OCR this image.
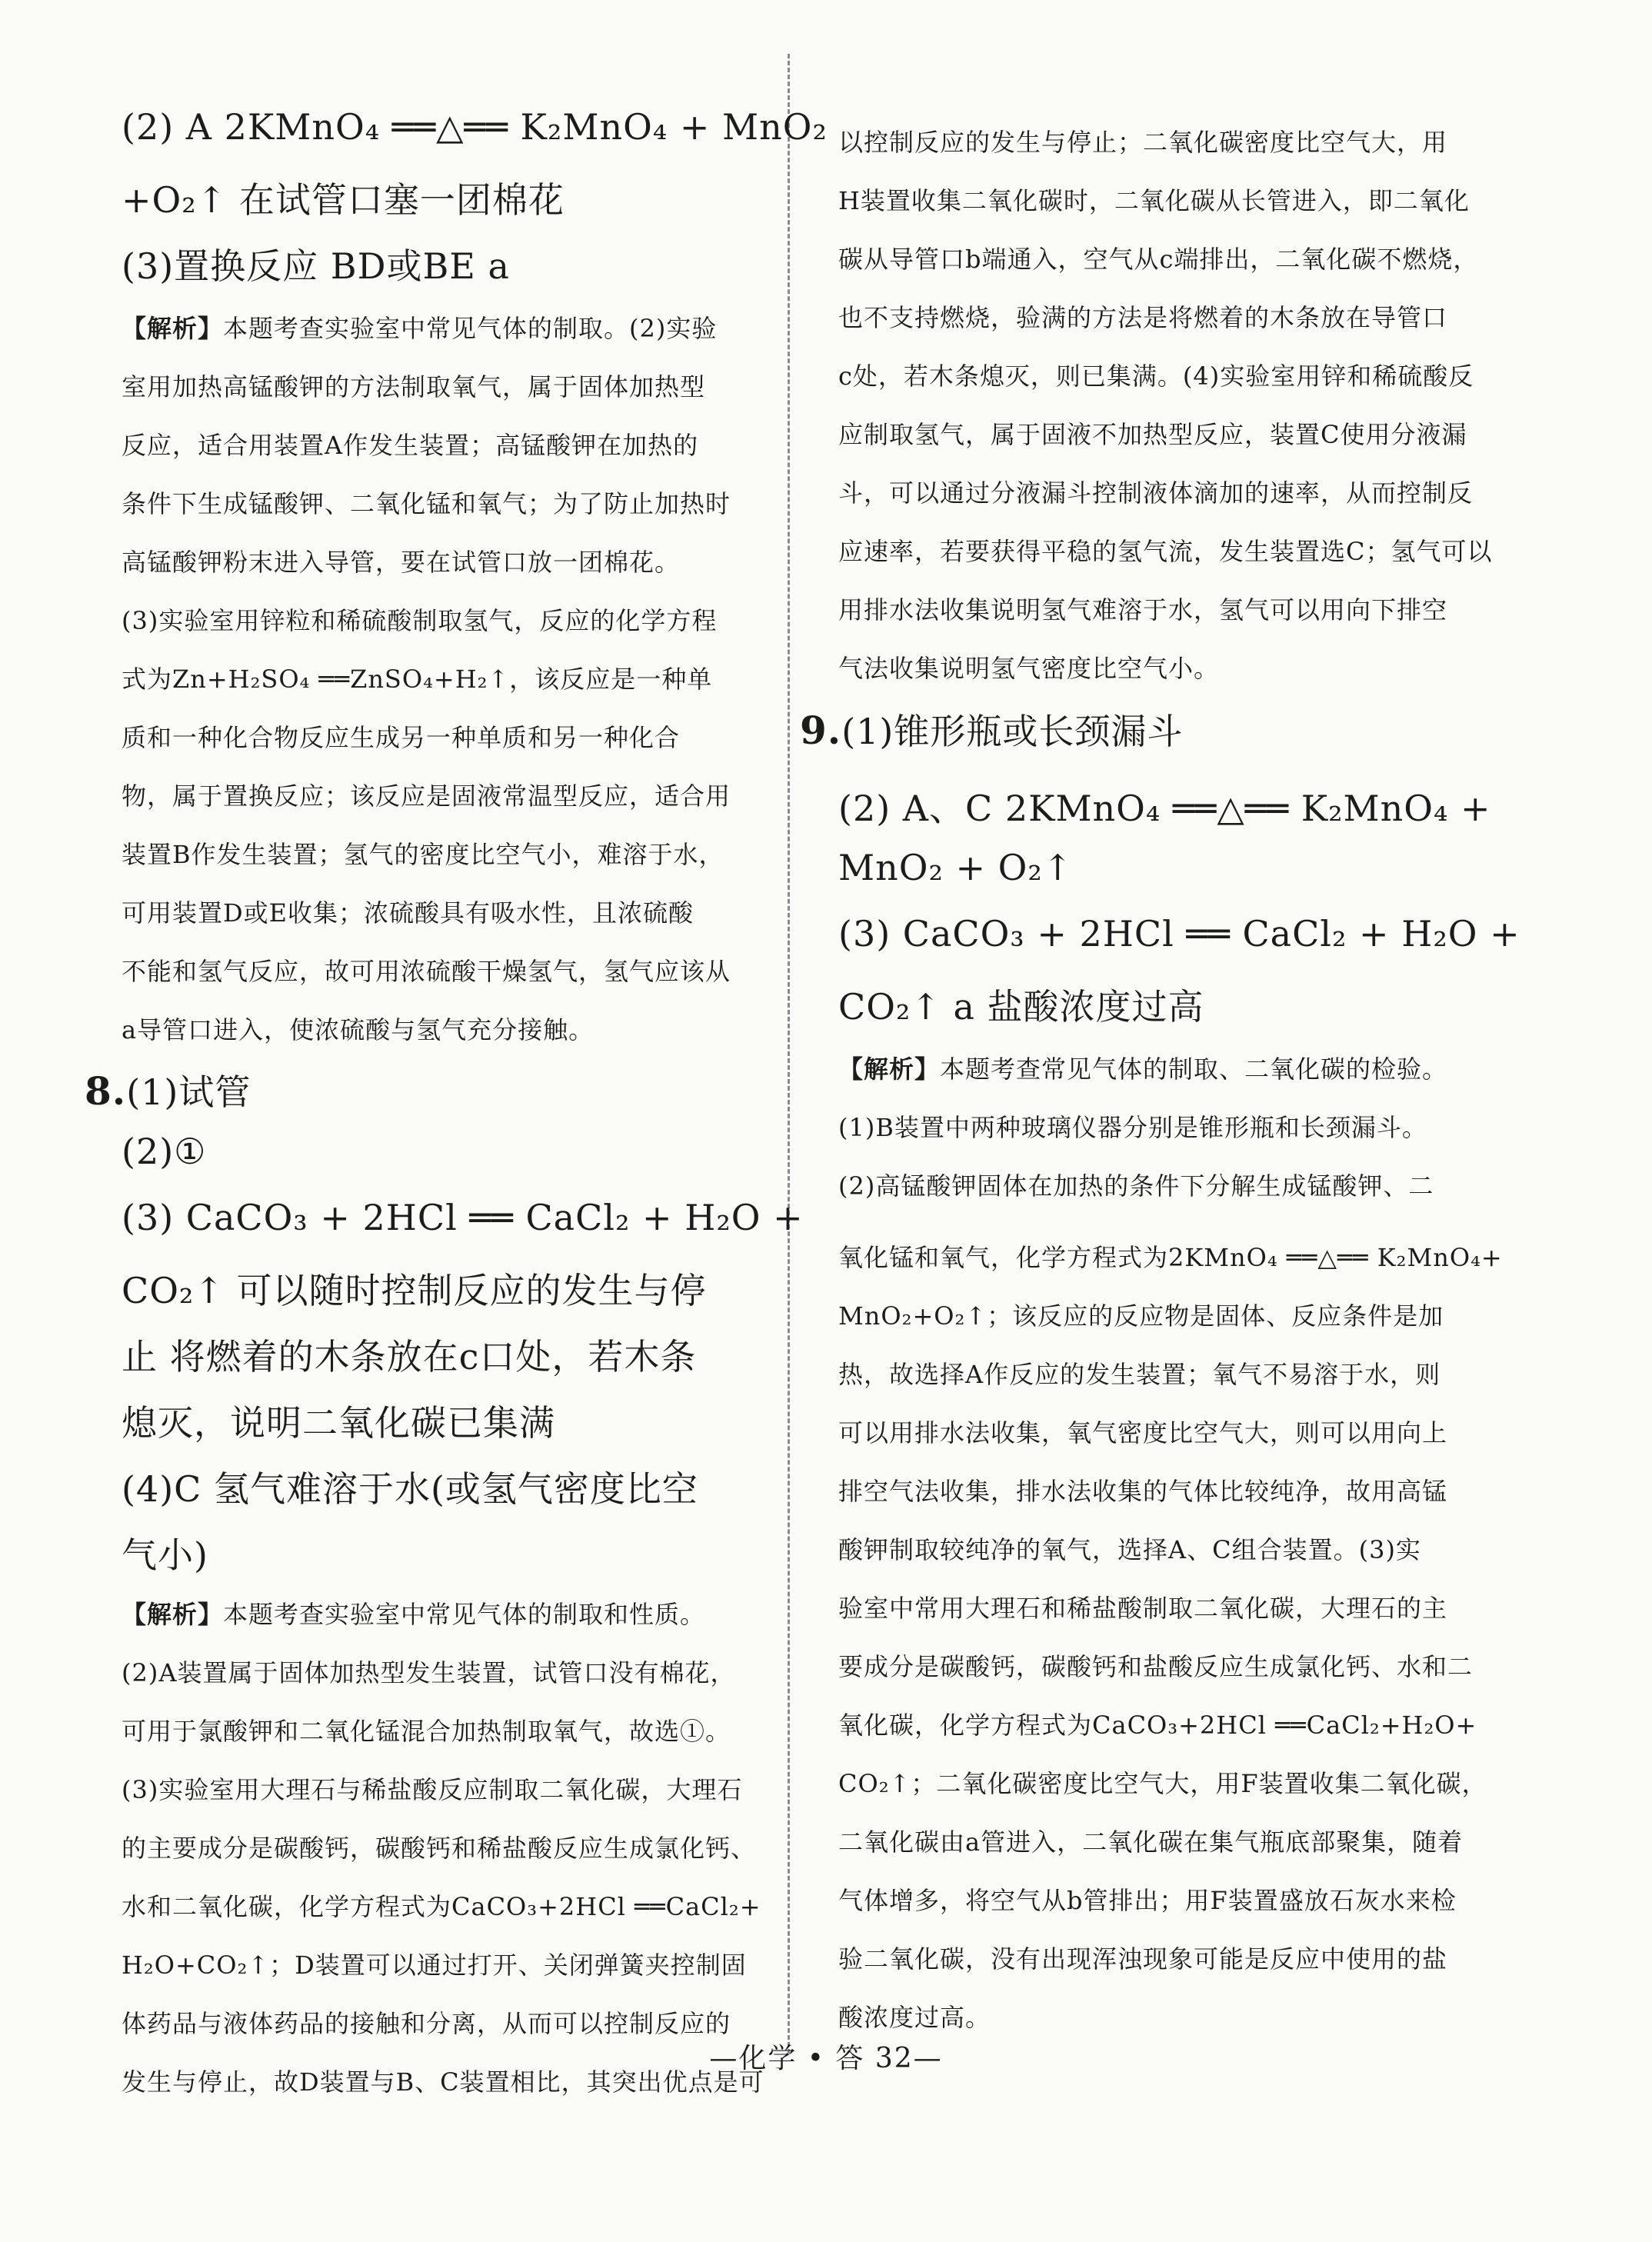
(2) A 2KMnO₄ ══△══ K₂MnO₄ + MnO₂
+O₂↑ 在试管口塞一团棉花
(3)置换反应 BD或BE a
【解析】本题考查实验室中常见气体的制取。(2)实验
室用加热高锰酸钾的方法制取氧气，属于固体加热型
反应，适合用装置A作发生装置；高锰酸钾在加热的
条件下生成锰酸钾、二氧化锰和氧气；为了防止加热时
高锰酸钾粉末进入导管，要在试管口放一团棉花。
(3)实验室用锌粒和稀硫酸制取氢气，反应的化学方程
式为Zn+H₂SO₄ ══ZnSO₄+H₂↑，该反应是一种单
质和一种化合物反应生成另一种单质和另一种化合
物，属于置换反应；该反应是固液常温型反应，适合用
装置B作发生装置；氢气的密度比空气小，难溶于水，
可用装置D或E收集；浓硫酸具有吸水性，且浓硫酸
不能和氢气反应，故可用浓硫酸干燥氢气，氢气应该从
a导管口进入，使浓硫酸与氢气充分接触。
8.(1)试管
(2)①
(3) CaCO₃ + 2HCl ══ CaCl₂ + H₂O +
CO₂↑ 可以随时控制反应的发生与停
止 将燃着的木条放在c口处，若木条
熄灭，说明二氧化碳已集满
(4)C 氢气难溶于水(或氢气密度比空
气小)
【解析】本题考查实验室中常见气体的制取和性质。
(2)A装置属于固体加热型发生装置，试管口没有棉花，
可用于氯酸钾和二氧化锰混合加热制取氧气，故选①。
(3)实验室用大理石与稀盐酸反应制取二氧化碳，大理石
的主要成分是碳酸钙，碳酸钙和稀盐酸反应生成氯化钙、
水和二氧化碳，化学方程式为CaCO₃+2HCl ══CaCl₂+
H₂O+CO₂↑；D装置可以通过打开、关闭弹簧夹控制固
体药品与液体药品的接触和分离，从而可以控制反应的
发生与停止，故D装置与B、C装置相比，其突出优点是可
以控制反应的发生与停止；二氧化碳密度比空气大，用
H装置收集二氧化碳时，二氧化碳从长管进入，即二氧化
碳从导管口b端通入，空气从c端排出，二氧化碳不燃烧，
也不支持燃烧，验满的方法是将燃着的木条放在导管口
c处，若木条熄灭，则已集满。(4)实验室用锌和稀硫酸反
应制取氢气，属于固液不加热型反应，装置C使用分液漏
斗，可以通过分液漏斗控制液体滴加的速率，从而控制反
应速率，若要获得平稳的氢气流，发生装置选C；氢气可以
用排水法收集说明氢气难溶于水，氢气可以用向下排空
气法收集说明氢气密度比空气小。
9.(1)锥形瓶或长颈漏斗
(2) A、C 2KMnO₄ ══△══ K₂MnO₄ +
MnO₂ + O₂↑
(3) CaCO₃ + 2HCl ══ CaCl₂ + H₂O +
CO₂↑ a 盐酸浓度过高
【解析】本题考查常见气体的制取、二氧化碳的检验。
(1)B装置中两种玻璃仪器分别是锥形瓶和长颈漏斗。
(2)高锰酸钾固体在加热的条件下分解生成锰酸钾、二
氧化锰和氧气，化学方程式为2KMnO₄ ══△══ K₂MnO₄+
MnO₂+O₂↑；该反应的反应物是固体、反应条件是加
热，故选择A作反应的发生装置；氧气不易溶于水，则
可以用排水法收集，氧气密度比空气大，则可以用向上
排空气法收集，排水法收集的气体比较纯净，故用高锰
酸钾制取较纯净的氧气，选择A、C组合装置。(3)实
验室中常用大理石和稀盐酸制取二氧化碳，大理石的主
要成分是碳酸钙，碳酸钙和盐酸反应生成氯化钙、水和二
氧化碳，化学方程式为CaCO₃+2HCl ══CaCl₂+H₂O+
CO₂↑；二氧化碳密度比空气大，用F装置收集二氧化碳，
二氧化碳由a管进入，二氧化碳在集气瓶底部聚集，随着
气体增多，将空气从b管排出；用F装置盛放石灰水来检
验二氧化碳，没有出现浑浊现象可能是反应中使用的盐
酸浓度过高。
—化学 • 答 32—
